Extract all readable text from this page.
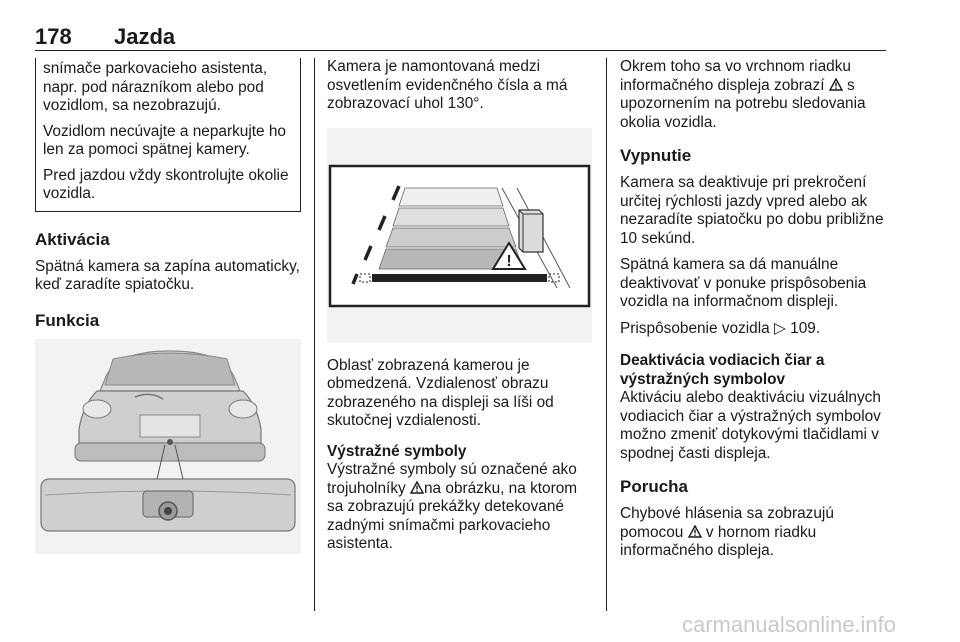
178 Jazda

snímače parkovacieho asistenta, napr. pod nárazníkom alebo pod vozidlom, sa nezobrazujú.

Vozidlom necúvajte a neparkujte ho len za pomoci spätnej kamery.

Pred jazdou vždy skontrolujte okolie vozidla.

Aktivácia

Spätná kamera sa zapína automaticky, keď zaradíte spiatočku.

Funkcia

Kamera je namontovaná medzi osvetlením evidenčného čísla a má zobrazovací uhol 130°.

!

Oblasť zobrazená kamerou je obmedzená. Vzdialenosť obrazu zobrazeného na displeji sa líši od skutočnej vzdialenosti.

Výstražné symboly

Výstražné symboly sú označené ako trojuholníky na obrázku, na ktorom sa zobrazujú prekážky detekované zadnými snímačmi parkovacieho asistenta.

Okrem toho sa vo vrchnom riadku informačného displeja zobrazí  s upozornením na potrebu sledovania okolia vozidla.

Vypnutie

Kamera sa deaktivuje pri prekročení určitej rýchlosti jazdy vpred alebo ak nezaradíte spiatočku po dobu približne 10 sekúnd.

Spätná kamera sa dá manuálne deaktivovať v ponuke prispôsobenia vozidla na informačnom displeji.

Prispôsobenie vozidla ▷ 109.

Deaktivácia vodiacich čiar a výstražných symbolov

Aktiváciu alebo deaktiváciu vizuálnych vodiacich čiar a výstražných symbolov možno zmeniť dotykovými tlačidlami v spodnej časti displeja.

Porucha

Chybové hlásenia sa zobrazujú pomocou  v hornom riadku informačného displeja.

carmanualsonline.info
